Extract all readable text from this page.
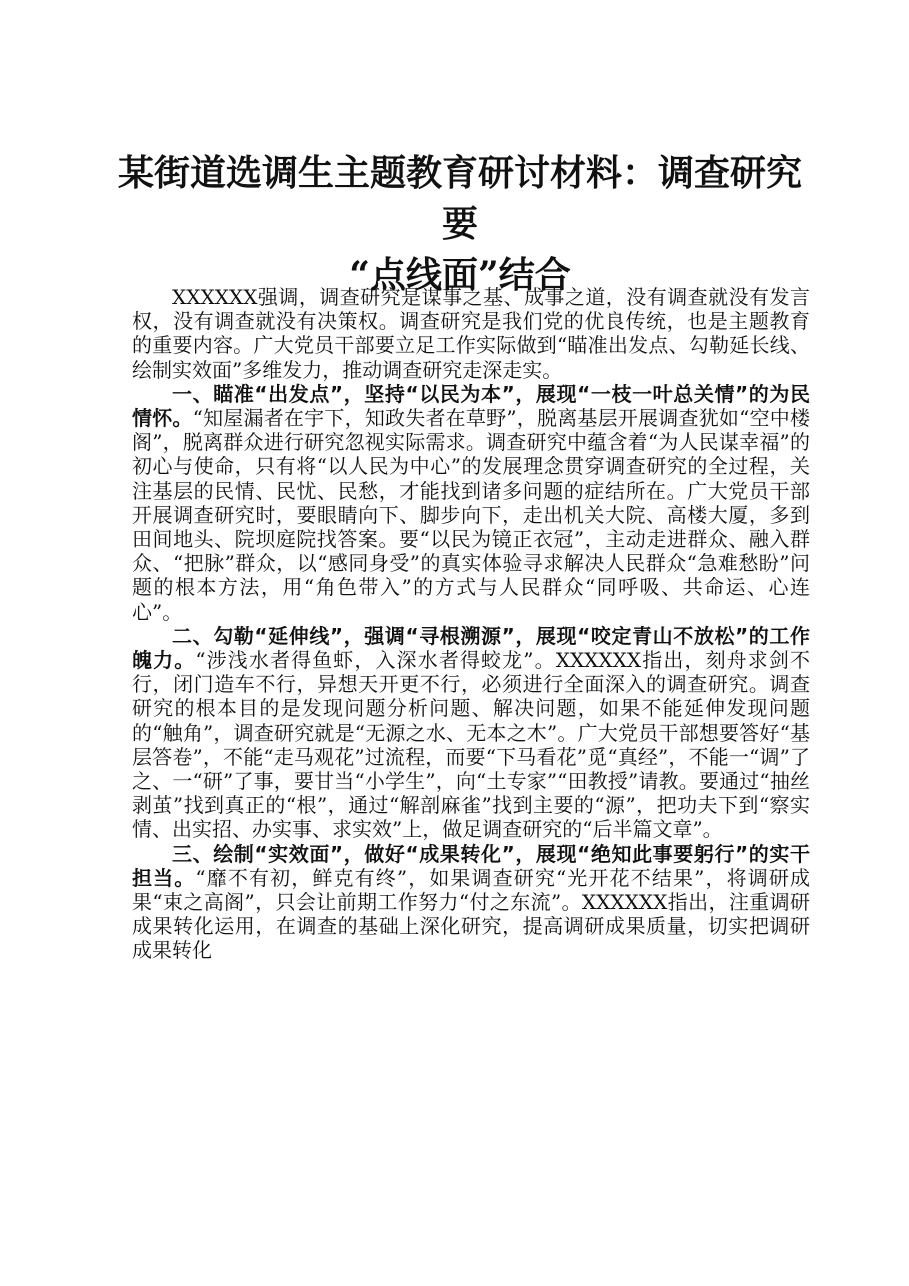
某街道选调生主题教育研讨材料：调查研究要
“点线面”结合

XXXXXX强调，调查研究是谋事之基、成事之道，没有调查就没有发言权，没有调查就没有决策权。调查研究是我们党的优良传统，也是主题教育的重要内容。广大党员干部要立足工作实际做到“瞄准出发点、勾勒延长线、绘制实效面”多维发力，推动调查研究走深走实。

一、瞄准“出发点”，坚持“以民为本”，展现“一枝一叶总关情”的为民情怀。“知屋漏者在宇下，知政失者在草野”，脱离基层开展调查犹如“空中楼阁”，脱离群众进行研究忽视实际需求。调查研究中蕴含着“为人民谋幸福”的初心与使命，只有将“以人民为中心”的发展理念贯穿调查研究的全过程，关注基层的民情、民忧、民愁，才能找到诸多问题的症结所在。广大党员干部开展调查研究时，要眼睛向下、脚步向下，走出机关大院、高楼大厦，多到田间地头、院坝庭院找答案。要“以民为镜正衣冠”，主动走进群众、融入群众、“把脉”群众，以“感同身受”的真实体验寻求解决人民群众“急难愁盼”问题的根本方法，用“角色带入”的方式与人民群众“同呼吸、共命运、心连心”。

二、勾勒“延伸线”，强调“寻根溯源”，展现“咬定青山不放松”的工作魄力。“涉浅水者得鱼虾，入深水者得蛟龙”。XXXXXX指出，刻舟求剑不行，闭门造车不行，异想天开更不行，必须进行全面深入的调查研究。调查研究的根本目的是发现问题分析问题、解决问题，如果不能延伸发现问题的“触角”，调查研究就是“无源之水、无本之木”。广大党员干部想要答好“基层答卷”，不能“走马观花”过流程，而要“下马看花”觅“真经”，不能一“调”了之、一“研”了事，要甘当“小学生”，向“土专家”“田教授”请教。要通过“抽丝剥茧”找到真正的“根”，通过“解剖麻雀”找到主要的“源”，把功夫下到“察实情、出实招、办实事、求实效”上，做足调查研究的“后半篇文章”。

三、绘制“实效面”，做好“成果转化”，展现“绝知此事要躬行”的实干担当。“靡不有初，鲜克有终”，如果调查研究“光开花不结果”，将调研成果“束之高阁”，只会让前期工作努力“付之东流”。XXXXXX指出，注重调研成果转化运用，在调查的基础上深化研究，提高调研成果质量，切实把调研成果转化
